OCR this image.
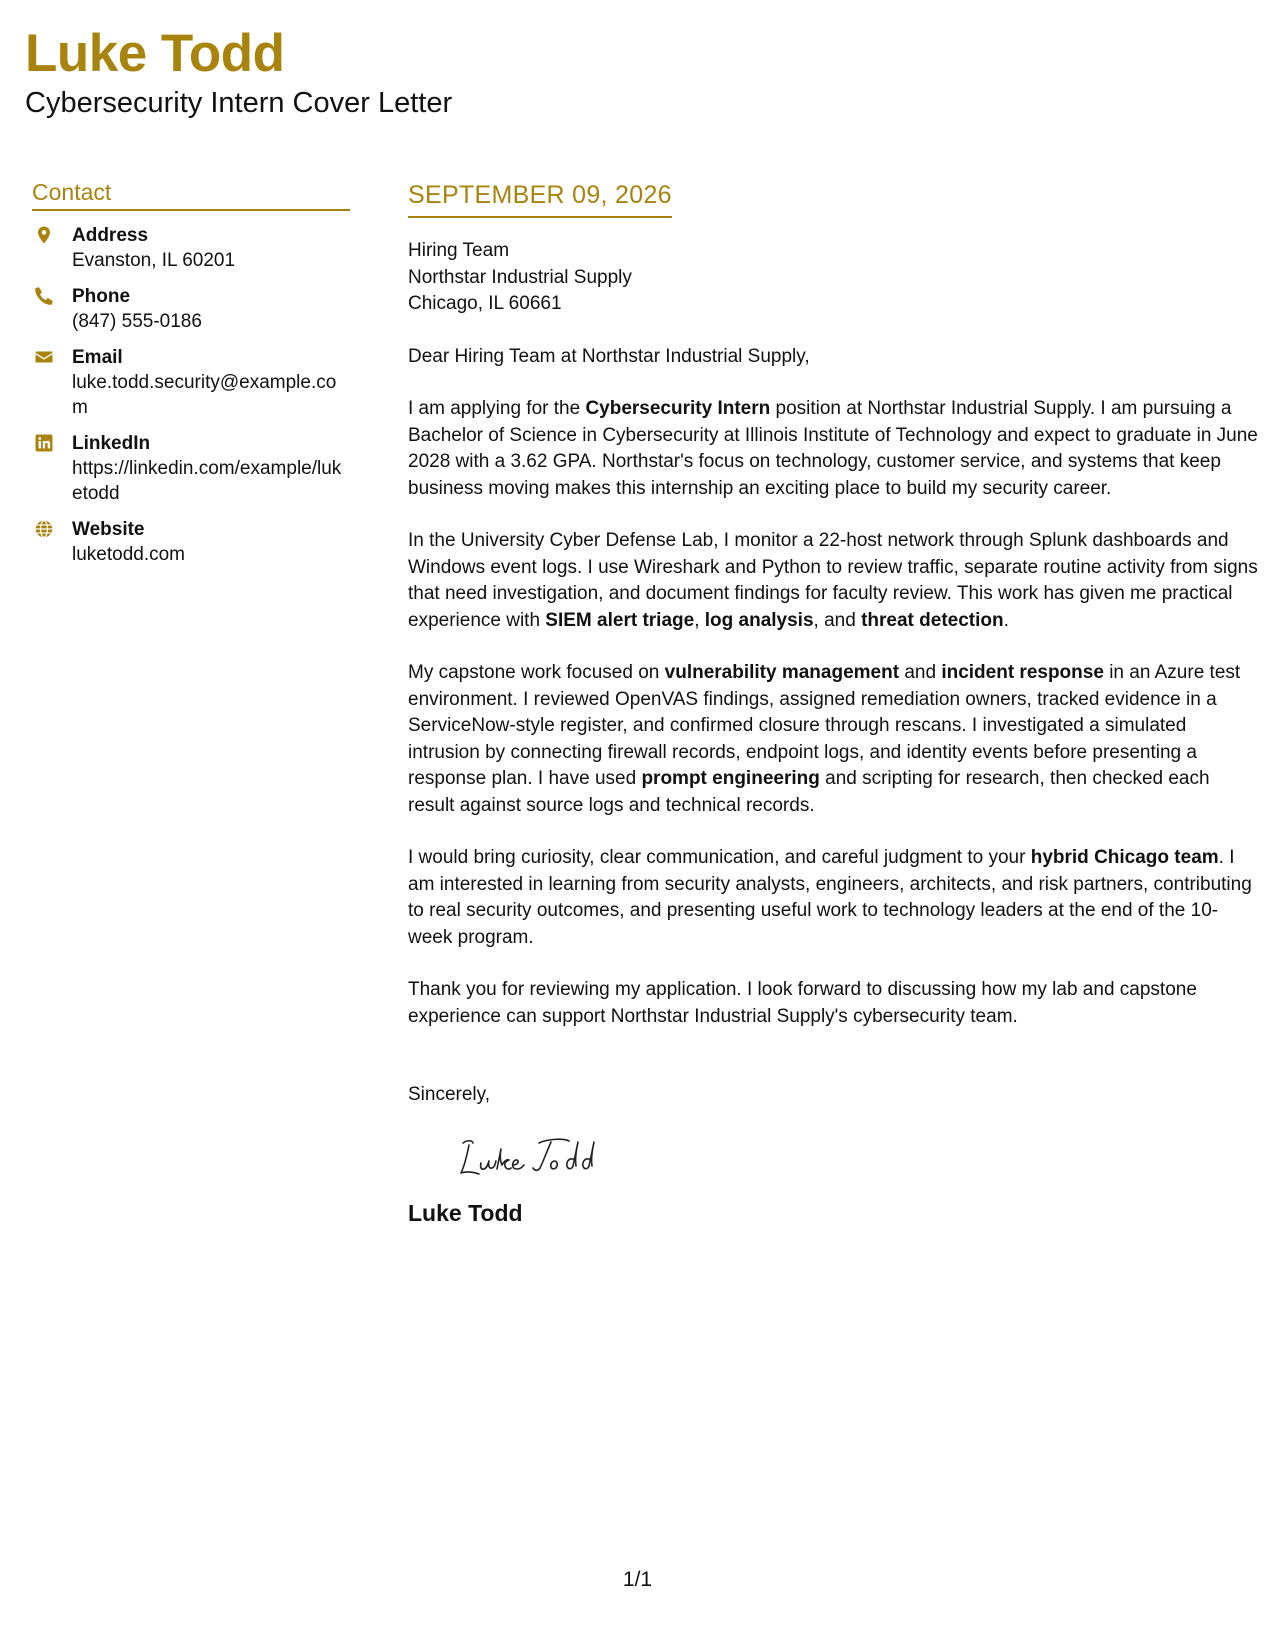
Luke Todd
Cybersecurity Intern Cover Letter
Contact
Address
Evanston, IL 60201
Phone
(847) 555-0186
Email
luke.todd.security@example.com
LinkedIn
https://linkedin.com/example/luketodd
Website
luketodd.com
SEPTEMBER 09, 2026
Hiring Team
Northstar Industrial Supply
Chicago, IL 60661

Dear Hiring Team at Northstar Industrial Supply,

I am applying for the Cybersecurity Intern position at Northstar Industrial Supply. I am pursuing a Bachelor of Science in Cybersecurity at Illinois Institute of Technology and expect to graduate in June 2028 with a 3.62 GPA. Northstar's focus on technology, customer service, and systems that keep business moving makes this internship an exciting place to build my security career.

In the University Cyber Defense Lab, I monitor a 22-host network through Splunk dashboards and Windows event logs. I use Wireshark and Python to review traffic, separate routine activity from signs that need investigation, and document findings for faculty review. This work has given me practical experience with SIEM alert triage, log analysis, and threat detection.

My capstone work focused on vulnerability management and incident response in an Azure test environment. I reviewed OpenVAS findings, assigned remediation owners, tracked evidence in a ServiceNow-style register, and confirmed closure through rescans. I investigated a simulated intrusion by connecting firewall records, endpoint logs, and identity events before presenting a response plan. I have used prompt engineering and scripting for research, then checked each result against source logs and technical records.

I would bring curiosity, clear communication, and careful judgment to your hybrid Chicago team. I am interested in learning from security analysts, engineers, architects, and risk partners, contributing to real security outcomes, and presenting useful work to technology leaders at the end of the 10-week program.

Thank you for reviewing my application. I look forward to discussing how my lab and capstone experience can support Northstar Industrial Supply's cybersecurity team.

Sincerely,

Luke Todd
1/1
